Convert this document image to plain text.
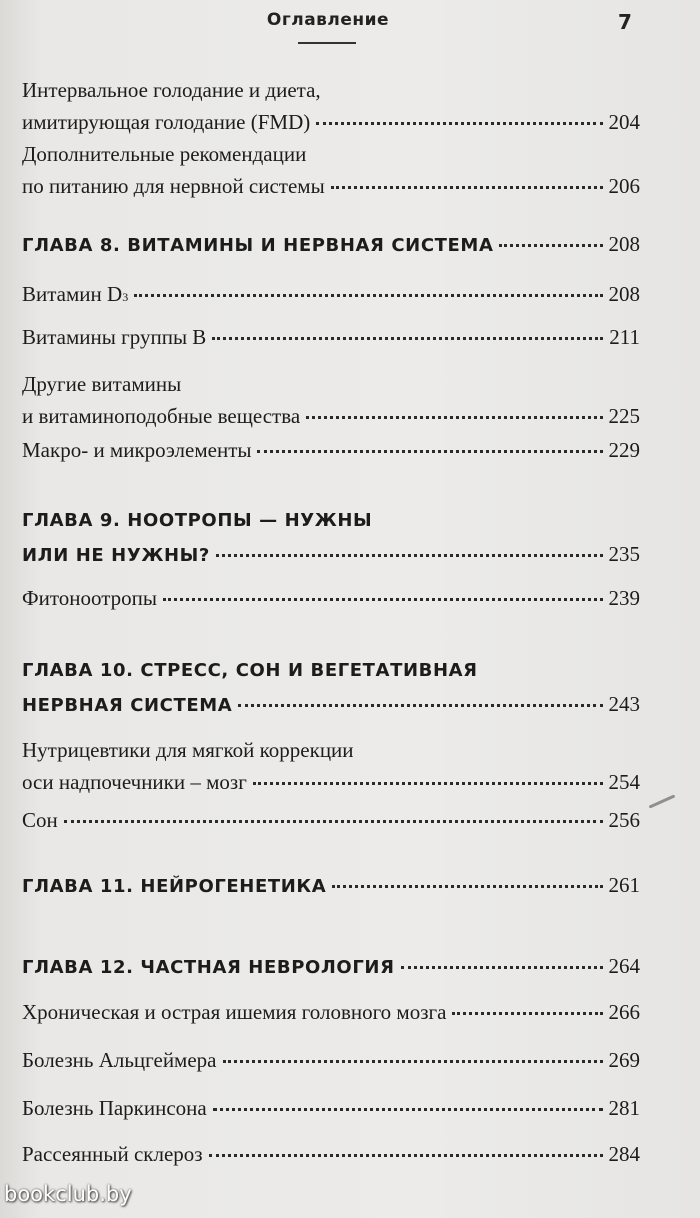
Оглавление	7
Интервальное голодание и диета,
имитирующая голодание (FMD)	204
Дополнительные рекомендации
по питанию для нервной системы	206
ГЛАВА 8. ВИТАМИНЫ И НЕРВНАЯ СИСТЕМА	208
Витамин D 3	208
Витамины группы В	211
Другие витамины
и витаминоподобные вещества	225
Макро- и микроэлементы	229
ГЛАВА 9. НООТРОПЫ — НУЖНЫ
ИЛИ НЕ НУЖНЫ?	235
Фитоноотропы	239
ГЛАВА 10. СТРЕСС, СОН И ВЕГЕТАТИВНАЯ
НЕРВНАЯ СИСТЕМА	243
Нутрицевтики для мягкой коррекции
оси надпочечники – мозг	254
Сон	256
ГЛАВА 11. НЕЙРОГЕНЕТИКА	261
ГЛАВА 12. ЧАСТНАЯ НЕВРОЛОГИЯ	264
Хроническая и острая ишемия головного мозга	266
Болезнь Альцгеймера	269
Болезнь Паркинсона	281
Рассеянный склероз	284
bookclub.by
